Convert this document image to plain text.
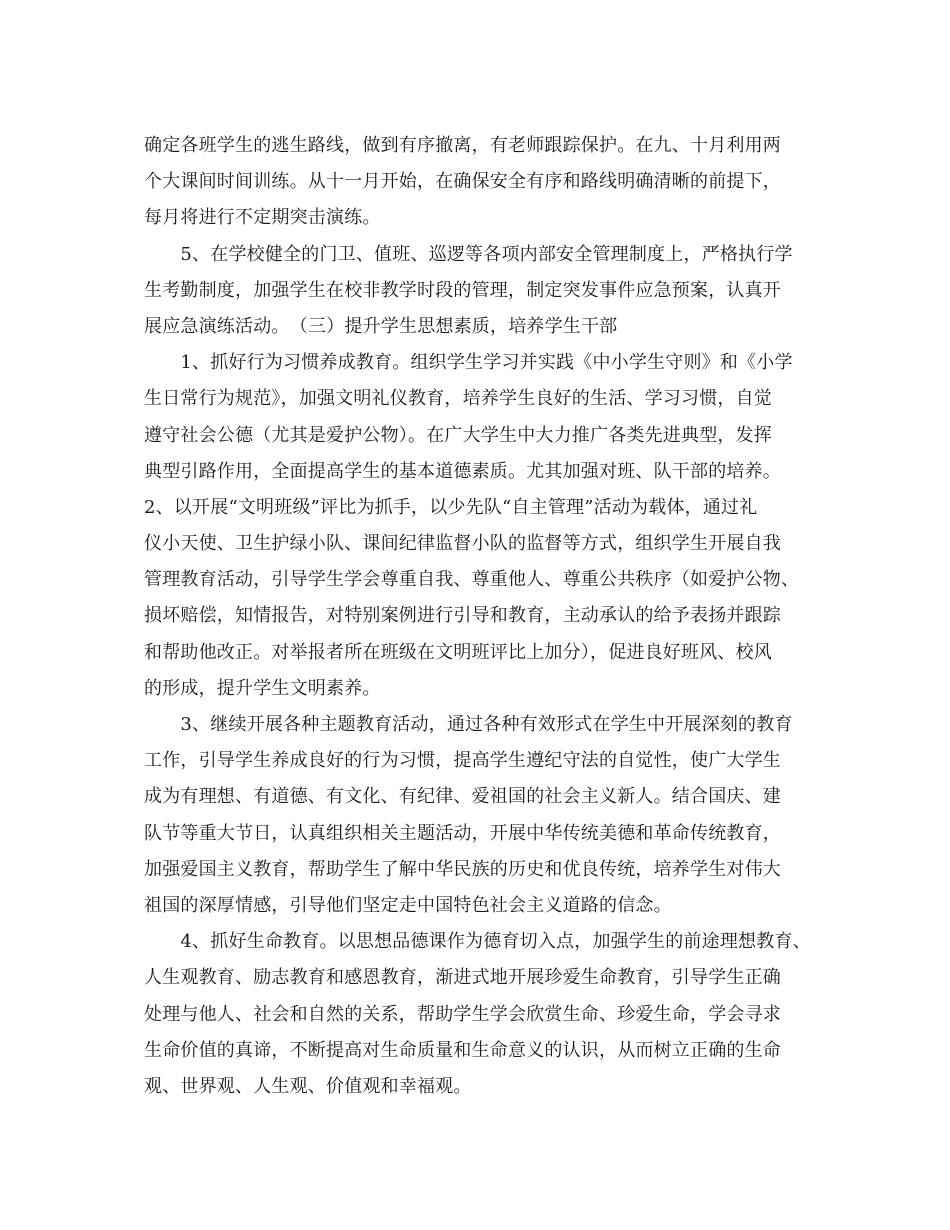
确定各班学生的逃生路线，做到有序撤离，有老师跟踪保护。在九、十月利用两
个大课间时间训练。从十一月开始，在确保安全有序和路线明确清晰的前提下，
每月将进行不定期突击演练。
　　5、在学校健全的门卫、值班、巡逻等各项内部安全管理制度上，严格执行学
生考勤制度，加强学生在校非教学时段的管理，制定突发事件应急预案，认真开
展应急演练活动。　（三）提升学生思想素质，培养学生干部
　　1、抓好行为习惯养成教育。组织学生学习并实践《中小学生守则》和《小学
生日常行为规范》，加强文明礼仪教育，培养学生良好的生活、学习习惯，自觉
遵守社会公德（尤其是爱护公物）。在广大学生中大力推广各类先进典型，发挥
典型引路作用，全面提高学生的基本道德素质。尤其加强对班、队干部的培养。
2、以开展“文明班级”评比为抓手，以少先队“自主管理”活动为载体，通过礼
仪小天使、卫生护绿小队、课间纪律监督小队的监督等方式，组织学生开展自我
管理教育活动，引导学生学会尊重自我、尊重他人、尊重公共秩序（如爱护公物、
损坏赔偿，知情报告，对特别案例进行引导和教育，主动承认的给予表扬并跟踪
和帮助他改正。对举报者所在班级在文明班评比上加分），促进良好班风、校风
的形成，提升学生文明素养。
　　3、继续开展各种主题教育活动，通过各种有效形式在学生中开展深刻的教育
工作，引导学生养成良好的行为习惯，提高学生遵纪守法的自觉性，使广大学生
成为有理想、有道德、有文化、有纪律、爱祖国的社会主义新人。结合国庆、建
队节等重大节日，认真组织相关主题活动，开展中华传统美德和革命传统教育，
加强爱国主义教育，帮助学生了解中华民族的历史和优良传统，培养学生对伟大
祖国的深厚情感，引导他们坚定走中国特色社会主义道路的信念。
　　4、抓好生命教育。以思想品德课作为德育切入点，加强学生的前途理想教育、
人生观教育、励志教育和感恩教育，渐进式地开展珍爱生命教育，引导学生正确
处理与他人、社会和自然的关系，帮助学生学会欣赏生命、珍爱生命，学会寻求
生命价值的真谛，不断提高对生命质量和生命意义的认识，从而树立正确的生命
观、世界观、人生观、价值观和幸福观。
